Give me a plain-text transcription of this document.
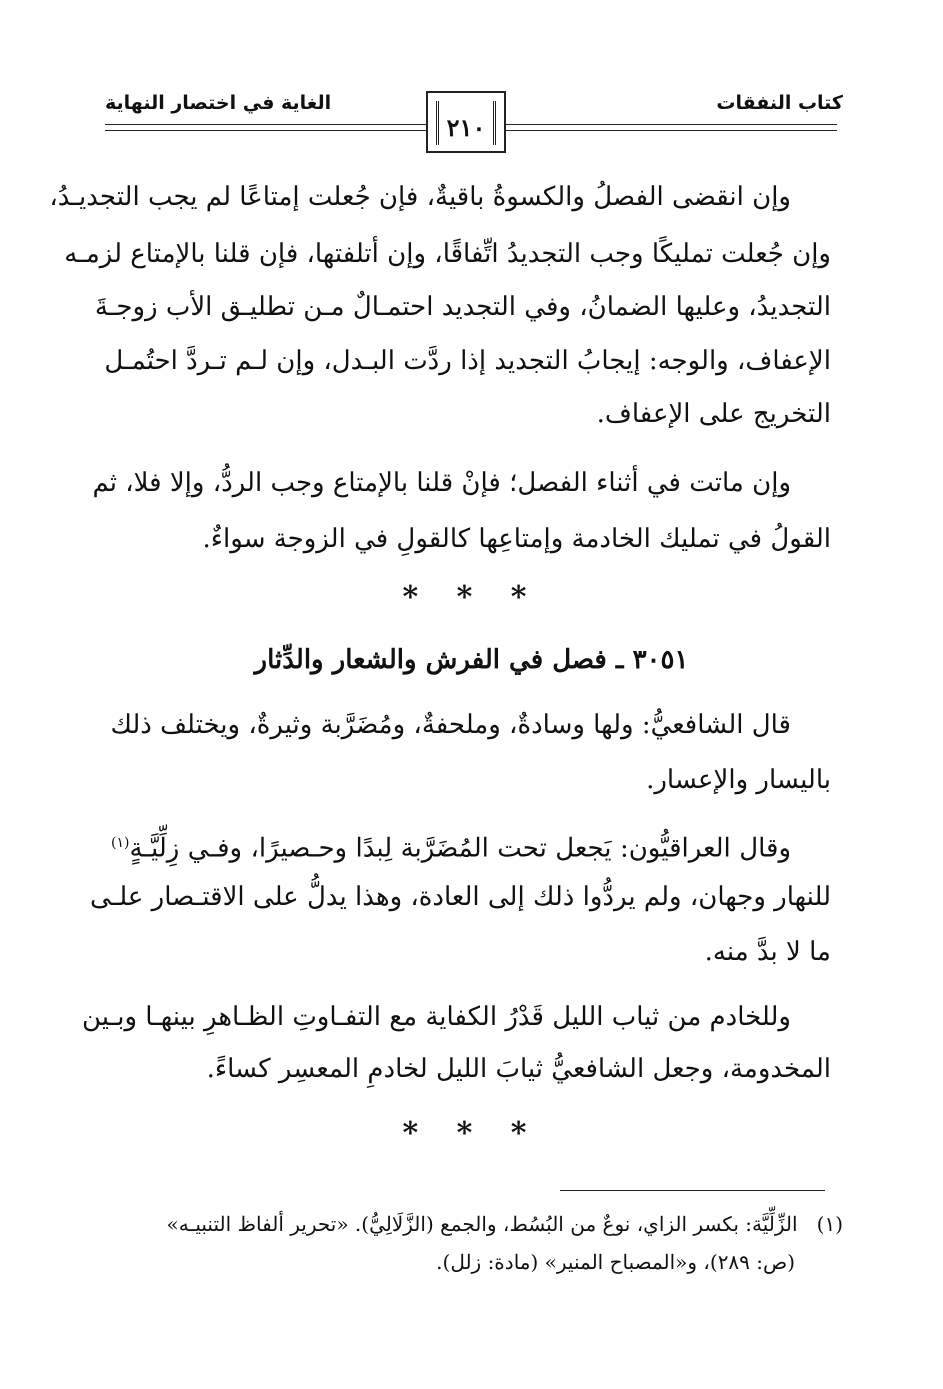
كتاب النفقات
الغاية في اختصار النهاية
٢١٠
وإن انقضى الفصلُ والكسوةُ باقيةٌ، فإن جُعلت إمتاعًا لم يجب التجديـدُ،
وإن جُعلت تمليكًا وجب التجديدُ اتِّفاقًا، وإن أتلفتها، فإن قلنا بالإمتاع لزمـه
التجديدُ، وعليها الضمانُ، وفي التجديد احتمـالٌ مـن تطليـق الأب زوجـةَ
الإعفاف، والوجه: إيجابُ التجديد إذا ردَّت البـدل، وإن لـم تـردَّ احتُمـل
التخريج على الإعفاف.
وإن ماتت في أثناء الفصل؛ فإنْ قلنا بالإمتاع وجب الردُّ، وإلا فلا، ثم
القولُ في تمليك الخادمة وإمتاعِها كالقولِ في الزوجة سواءٌ.
* * *
٣٠٥١ ـ فصل في الفرش والشعار والدِّثار
قال الشافعيُّ: ولها وسادةٌ، وملحفةٌ، ومُضَرَّبة وثيرةٌ، ويختلف ذلك
باليسار والإعسار.
وقال العراقيُّون: يَجعل تحت المُضَرَّبة لِبدًا وحـصيرًا، وفـي زِلِّيَّـةٍ$^{(١)}$
للنهار وجهان، ولم يردُّوا ذلك إلى العادة، وهذا يدلُّ على الاقتـصار علـى
ما لا بدَّ منه.
وللخادم من ثياب الليل قَدْرُ الكفاية مع التفـاوتِ الظـاهرِ بينهـا وبـين
المخدومة، وجعل الشافعيُّ ثيابَ الليل لخادمِ المعسِر كساءً.
* * *
(١)   الزِّلِّيَّة: بكسر الزاي، نوعٌ من البُسُط، والجمع (الزَّلَالِيُّ). «تحرير ألفاظ التنبيـه»
(ص: ٢٨٩)، و«المصباح المنير» (مادة: زلل).
